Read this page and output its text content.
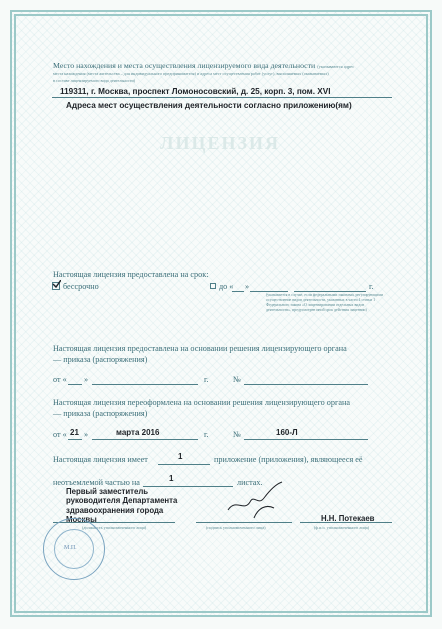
ЛИЦЕНЗИЯ
Место нахождения и места осуществления лицензируемого вида деятельности (указываются адрес
места нахождения (места жительства – для индивидуального предпринимателя) и адреса мест осуществления работ (услуг), выполняемых (оказываемых)
в составе лицензируемого вида деятельности)
119311, г. Москва, проспект Ломоносовский, д. 25, корп. 3, пом. XVI
Адреса мест осуществления деятельности согласно приложению(ям)
Настоящая лицензия предоставлена на срок:
бессрочно	до « »	г.
(указывается в случае, если федеральными законами, регулирующими осуществление видов деятельности, указанных в части 4 статьи 1 Федерального закона «О лицензировании отдельных видов деятельности», предусмотрен иной срок действия лицензии)
Настоящая лицензия предоставлена на основании решения лицензирующего органа
— приказа (распоряжения)
от « »	г.	№
Настоящая лицензия переоформлена на основании решения лицензирующего органа
— приказа (распоряжения)
от « 21 »	марта 2016	г.	№	160-Л
Настоящая лицензия имеет	1	приложение (приложения), являющееся её
неотъемлемой частью на	1	листах.
Первый заместитель
руководителя Департамента
здравоохранения города
Москвы
(должность уполномоченного лица)	(подпись уполномоченного лица)
Н.Н. Потекаев
(ф.и.о. уполномоченного лица)
М.П.
